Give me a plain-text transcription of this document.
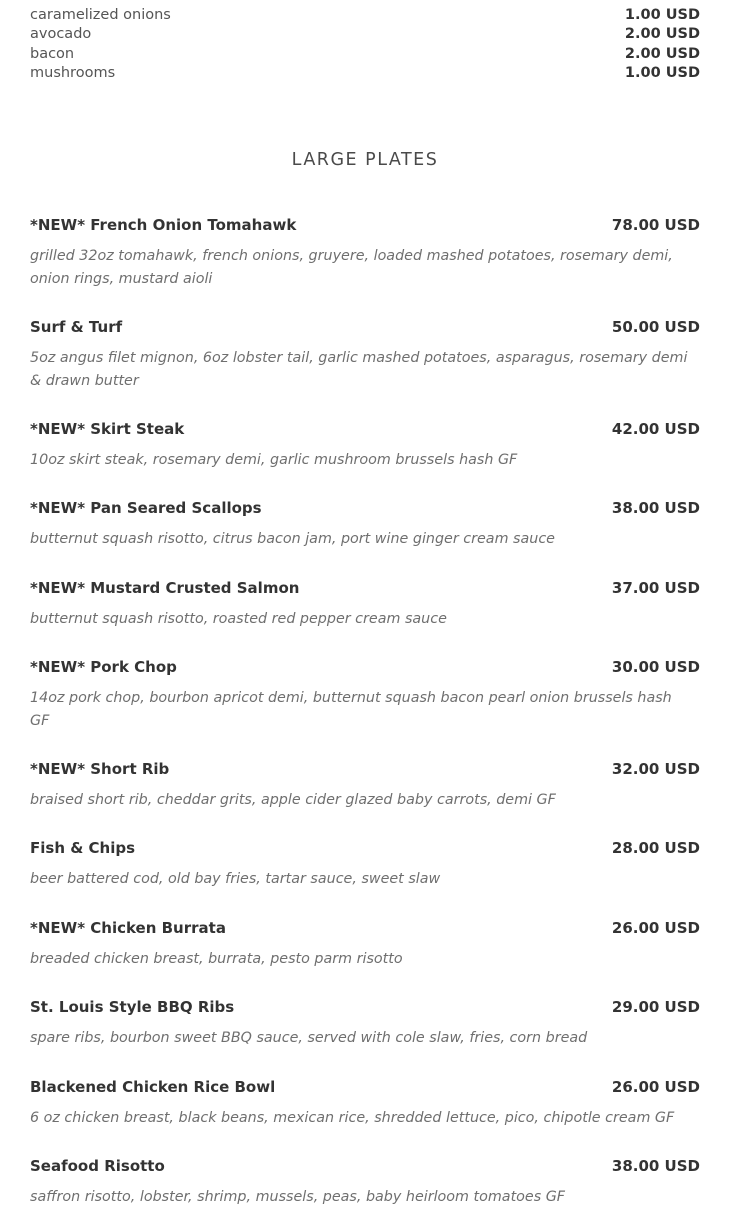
caramelized onions	1.00 USD
avocado	2.00 USD
bacon	2.00 USD
mushrooms	1.00 USD
LARGE PLATES
*NEW* French Onion Tomahawk	78.00 USD
grilled 32oz tomahawk, french onions, gruyere, loaded mashed potatoes, rosemary demi,
onion rings, mustard aioli
Surf & Turf	50.00 USD
5oz angus filet mignon, 6oz lobster tail, garlic mashed potatoes, asparagus, rosemary demi
& drawn butter
*NEW* Skirt Steak	42.00 USD
10oz skirt steak, rosemary demi, garlic mushroom brussels hash GF
*NEW* Pan Seared Scallops	38.00 USD
butternut squash risotto, citrus bacon jam, port wine ginger cream sauce
*NEW* Mustard Crusted Salmon	37.00 USD
butternut squash risotto, roasted red pepper cream sauce
*NEW* Pork Chop	30.00 USD
14oz pork chop, bourbon apricot demi, butternut squash bacon pearl onion brussels hash
GF
*NEW* Short Rib	32.00 USD
braised short rib, cheddar grits, apple cider glazed baby carrots, demi GF
Fish & Chips	28.00 USD
beer battered cod, old bay fries, tartar sauce, sweet slaw
*NEW* Chicken Burrata	26.00 USD
breaded chicken breast, burrata, pesto parm risotto
St. Louis Style BBQ Ribs	29.00 USD
spare ribs, bourbon sweet BBQ sauce, served with cole slaw, fries, corn bread
Blackened Chicken Rice Bowl	26.00 USD
6 oz chicken breast, black beans, mexican rice, shredded lettuce, pico, chipotle cream GF
Seafood Risotto	38.00 USD
saffron risotto, lobster, shrimp, mussels, peas, baby heirloom tomatoes GF
